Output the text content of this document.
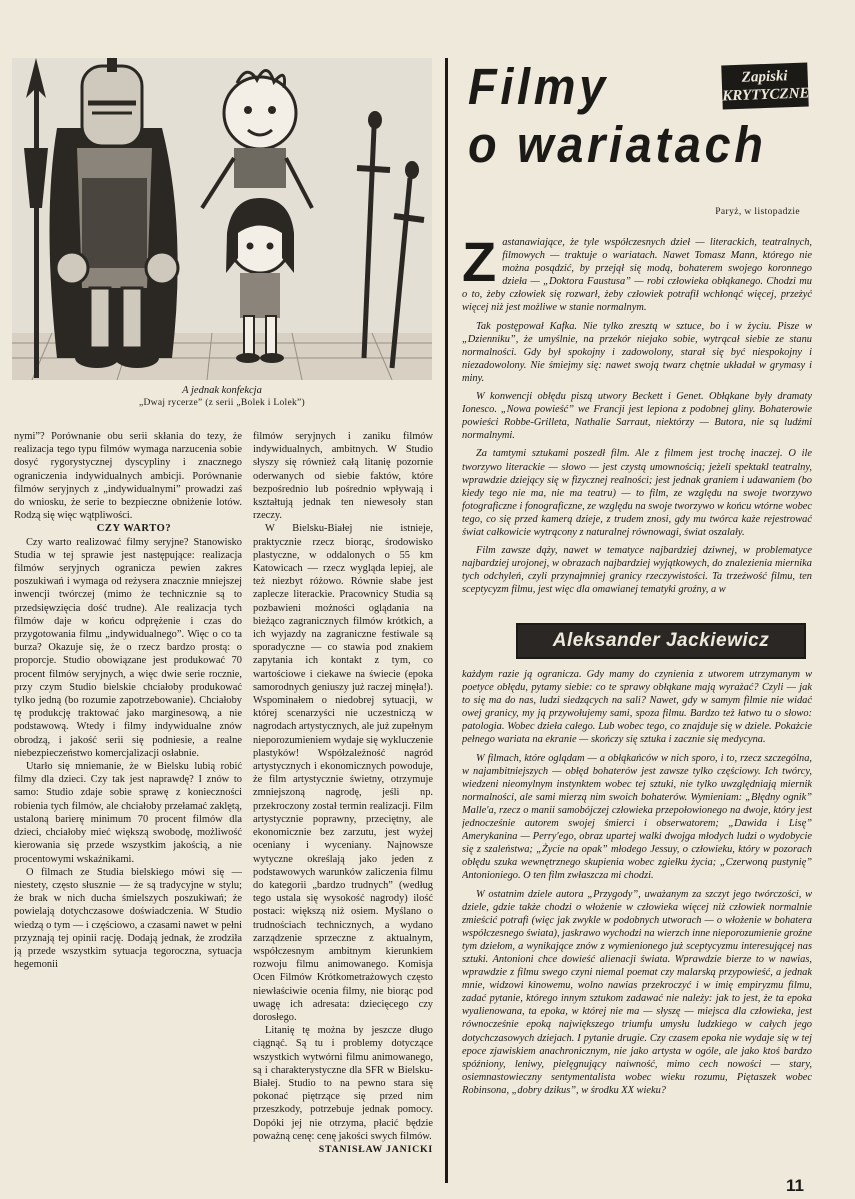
A jednak konfekcja
„Dwaj rycerze” (z serii „Bolek i Lolek”)

nymi”? Porównanie obu serii skłania do tezy, że realizacja tego typu filmów wymaga narzucenia sobie dosyć rygorystycznej dyscypliny i znacznego ograniczenia indywidualnych ambicji. Porównanie filmów seryjnych z „indywidualnymi” prowadzi zaś do wniosku, że serie to bezpieczne obniżenie lotów. Rodzą się więc wątpliwości.

CZY WARTO?

Czy warto realizować filmy seryjne? Stanowisko Studia w tej sprawie jest następujące: realizacja filmów seryjnych ogranicza pewien zakres poszukiwań i wymaga od reżysera znacznie mniejszej inwencji twórczej (mimo że technicznie są to przedsięwzięcia dość trudne). Ale realizacja tych filmów daje w końcu odprężenie i czas do przygotowania filmu „indywidualnego”. Więc o co ta burza? Okazuje się, że o rzecz bardzo prostą: o proporcje. Studio obowiązane jest produkować 70 procent filmów seryjnych, a więc dwie serie rocznie, przy czym Studio bielskie chciałoby produkować tylko jedną (bo rozumie zapotrzebowanie). Chciałoby tę produkcję traktować jako marginesową, a nie podstawową. Wtedy i filmy indywidualne znów obrodzą, i jakość serii się podniesie, a realne niebezpieczeństwo komercjalizacji osłabnie.

Utarło się mniemanie, że w Bielsku lubią robić filmy dla dzieci. Czy tak jest naprawdę? I znów to samo: Studio zdaje sobie sprawę z konieczności robienia tych filmów, ale chciałoby przełamać zaklętą, ustaloną barierę minimum 70 procent filmów dla dzieci, chciałoby mieć większą swobodę, możliwość kierowania się przede wszystkim jakością, a nie procentowymi wskaźnikami.

O filmach ze Studia bielskiego mówi się — niestety, często słusznie — że są tradycyjne w stylu; że brak w nich ducha śmielszych poszukiwań; że powielają dotychczasowe doświadczenia. W Studio wiedzą o tym — i częściowo, a czasami nawet w pełni przyznają tej opinii rację. Dodają jednak, że zrodziła ją przede wszystkim sytuacja tegoroczna, sytuacja hegemonii

filmów seryjnych i zaniku filmów indywidualnych, ambitnych. W Studio słyszy się również całą litanię pozornie oderwanych od siebie faktów, które bezpośrednio lub pośrednio wpływają i kształtują jednak ten niewesoły stan rzeczy.

W Bielsku-Białej nie istnieje, praktycznie rzecz biorąc, środowisko plastyczne, w oddalonych o 55 km Katowicach — rzecz wygląda lepiej, ale też niezbyt różowo. Równie słabe jest zaplecze literackie. Pracownicy Studia są pozbawieni możności oglądania na bieżąco zagranicznych filmów krótkich, a ich wyjazdy na zagraniczne festiwale są sporadyczne — co stawia pod znakiem zapytania ich kontakt z tym, co wartościowe i ciekawe na świecie (epoka samorodnych geniuszy już raczej minęła!). Wspominałem o niedobrej sytuacji, w której scenarzyści nie uczestniczą w nagrodach artystycznych, ale już zupełnym nieporozumieniem wydaje się wykluczenie plastyków! Współzależność nagród artystycznych i ekonomicznych powoduje, że film artystycznie świetny, otrzymuje zmniejszoną nagrodę, jeśli np. przekroczony został termin realizacji. Film artystycznie poprawny, przeciętny, ale ekonomicznie bez zarzutu, jest wyżej oceniany i wyceniany. Najnowsze wytyczne określają jako jeden z podstawowych warunków zaliczenia filmu do kategorii „bardzo trudnych” (według tego ustala się wysokość nagrody) ilość postaci: większą niż osiem. Myślano o trudnościach technicznych, a wydano zarządzenie sprzeczne z aktualnym, współczesnym ambitnym kierunkiem rozwoju filmu animowanego. Komisja Ocen Filmów Krótkometrażowych często niewłaściwie ocenia filmy, nie biorąc pod uwagę ich adresata: dziecięcego czy dorosłego.

Litanię tę można by jeszcze długo ciągnąć. Są tu i problemy dotyczące wszystkich wytwórni filmu animowanego, są i charakterystyczne dla SFR w Bielsku-Białej. Studio to na pewno stara się pokonać piętrzące się przed nim przeszkody, potrzebuje jednak pomocy. Dopóki jej nie otrzyma, płacić będzie poważną cenę: cenę jakości swych filmów.

STANISŁAW JANICKI

Filmy
o wariatach
Zapiski
KRYTYCZNE
Paryż, w listopadzie

Zastanawiające, że tyle współczesnych dzieł — literackich, teatralnych, filmowych — traktuje o wariatach. Nawet Tomasz Mann, którego nie można posądzić, by przejął się modą, bohaterem swojego koronnego dzieła — „Doktora Faustusa” — robi człowieka obłąkanego. Chodzi mu o to, żeby człowiek się rozwarł, żeby człowiek potrafił wchłonąć więcej, przeżyć więcej niż jest możliwe w stanie normalnym.

Tak postępował Kafka. Nie tylko zresztą w sztuce, bo i w życiu. Pisze w „Dzienniku”, że umyślnie, na przekór niejako sobie, wytrącał siebie ze stanu normalności. Gdy był spokojny i zadowolony, starał się być niespokojny i niezadowolony. Nie śmiejmy się: nawet swoją twarz chętnie układał w grymasy i miny.

W konwencji obłędu piszą utwory Beckett i Genet. Obłąkane były dramaty Ionesco. „Nowa powieść” we Francji jest lepiona z podobnej gliny. Bohaterowie powieści Robbe-Grilleta, Nathalie Sarraut, niektórzy — Butora, nie są ludźmi normalnymi.

Za tamtymi sztukami poszedł film. Ale z filmem jest trochę inaczej. O ile tworzywo literackie — słowo — jest czystą umownością; jeżeli spektakl teatralny, wprawdzie dziejący się w fizycznej realności; jest jednak graniem i udawaniem (bo kiedy tego nie ma, nie ma teatru) — to film, ze względu na swoje tworzywo fotograficzne i fonograficzne, ze względu na swoje tworzywo w końcu wtórne wobec tego, co się przed kamerą dzieje, z trudem znosi, gdy mu twórca każe rejestrować świat całkowicie wytrącony z naturalnej równowagi, świat oszalały.

Film zawsze dąży, nawet w tematyce najbardziej dziwnej, w problematyce najbardziej urojonej, w obrazach najbardziej wyjątkowych, do znalezienia miernika tych odchyleń, czyli przynajmniej granicy rzeczywistości. Ta trzeźwość filmu, ten sceptycyzm filmu, jest więc dla omawianej tematyki groźny, a w

Aleksander Jackiewicz

każdym razie ją ogranicza. Gdy mamy do czynienia z utworem utrzymanym w poetyce obłędu, pytamy siebie: co te sprawy obłąkane mają wyrażać? Czyli — jak to się ma do nas, ludzi siedzących na sali? Nawet, gdy w samym filmie nie widać owej granicy, my ją przywołujemy sami, spoza filmu. Bardzo też łatwo tu o słowo: patologia. Wobec dzieła całego. Lub wobec tego, co znajduje się w dziele. Pokażcie pełnego wariata na ekranie — skończy się sztuka i zacznie się medycyna.

W filmach, które oglądam — a obłąkańców w nich sporo, i to, rzecz szczególna, w najambitniejszych — obłęd bohaterów jest zawsze tylko częściowy. Ich twórcy, wiedzeni nieomylnym instynktem wobec tej sztuki, nie tylko uwzględniają miernik normalności, ale sami mierzą nim swoich bohaterów. Wymieniam: „Błędny ognik” Malle'a, rzecz o manii samobójczej człowieka przepołowionego na dwoje, który jest jednocześnie autorem swojej śmierci i obserwatorem; „Dawida i Lisę” Amerykanina — Perry'ego, obraz upartej walki dwojga młodych ludzi o wydobycie się z szaleństwa; „Życie na opak” młodego Jessuy, o człowieku, który w pozorach obłędu szuka wewnętrznego skupienia wobec zgiełku życia; „Czerwoną pustynię” Antonioniego. O ten film zwłaszcza mi chodzi.

W ostatnim dziele autora „Przygody”, uważanym za szczyt jego twórczości, w dziele, gdzie także chodzi o włożenie w człowieka więcej niż człowiek normalnie zmieścić potrafi (więc jak zwykle w podobnych utworach — o włożenie w bohatera współczesnego świata), jaskrawo wychodzi na wierzch inne nieporozumienie groźne tym dziełom, a wynikające znów z wymienionego już sceptycyzmu interesującej nas sztuki. Antonioni chce dowieść alienacji świata. Wprawdzie bierze to w nawias, wprawdzie z filmu swego czyni niemal poemat czy malarską przypowieść, a jednak mnie, widzowi kinowemu, wolno nawias przekroczyć i w imię empiryzmu filmu, zadać pytanie, którego innym sztukom zadawać nie należy: jak to jest, że ta epoka wyalienowana, ta epoka, w której nie ma — słyszę — miejsca dla człowieka, jest równocześnie epoką największego triumfu umysłu ludzkiego w całych jego dotychczasowych dziejach. I pytanie drugie. Czy czasem epoka nie wydaje się w tej epoce zjawiskiem anachronicznym, nie jako artysta w ogóle, ale jako ktoś bardzo spóźniony, leniwy, pielęgnujący naiwność, mimo cech nowości — stary, osiemnastowieczny sentymentalista wobec wieku rozumu, Piętaszek wobec Robinsona, „dobry dzikus”, w środku XX wieku?

11
